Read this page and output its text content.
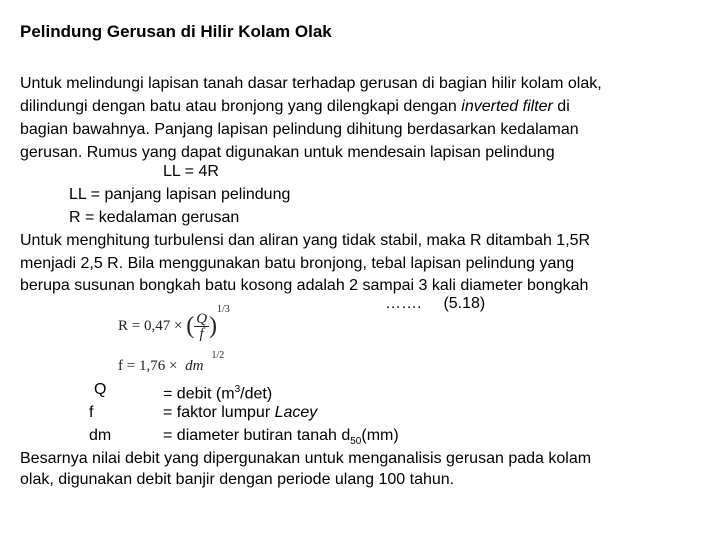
Pelindung Gerusan di Hilir Kolam Olak
Untuk melindungi lapisan tanah dasar terhadap gerusan di bagian hilir kolam olak,
dilindungi dengan batu atau bronjong yang dilengkapi dengan inverted filter di
bagian bawahnya. Panjang lapisan pelindung dihitung berdasarkan kedalaman
gerusan. Rumus yang dapat digunakan untuk mendesain lapisan pelindung
LL = 4R
LL = panjang lapisan pelindung
R = kedalaman gerusan
Untuk menghitung turbulensi dan aliran yang tidak stabil, maka R ditambah 1,5R
menjadi 2,5 R. Bila menggunakan batu bronjong, tebal lapisan pelindung yang
berupa susunan bongkah batu kosong adalah 2 sampai 3 kali diameter bongkah
……. (5.18)
R = 0,47 × ( $\frac{Q}{f} )^{1/3}$
$f = 1,76 \times dm^{1/2}$
Q	= debit $(m^3/\det)$
f	= faktor lumpur Lacey
dm	= diameter butiran tanah $d_{50}(mm)$
Besarnya nilai debit yang dipergunakan untuk menganalisis gerusan pada kolam
olak, digunakan debit banjir dengan periode ulang 100 tahun.
